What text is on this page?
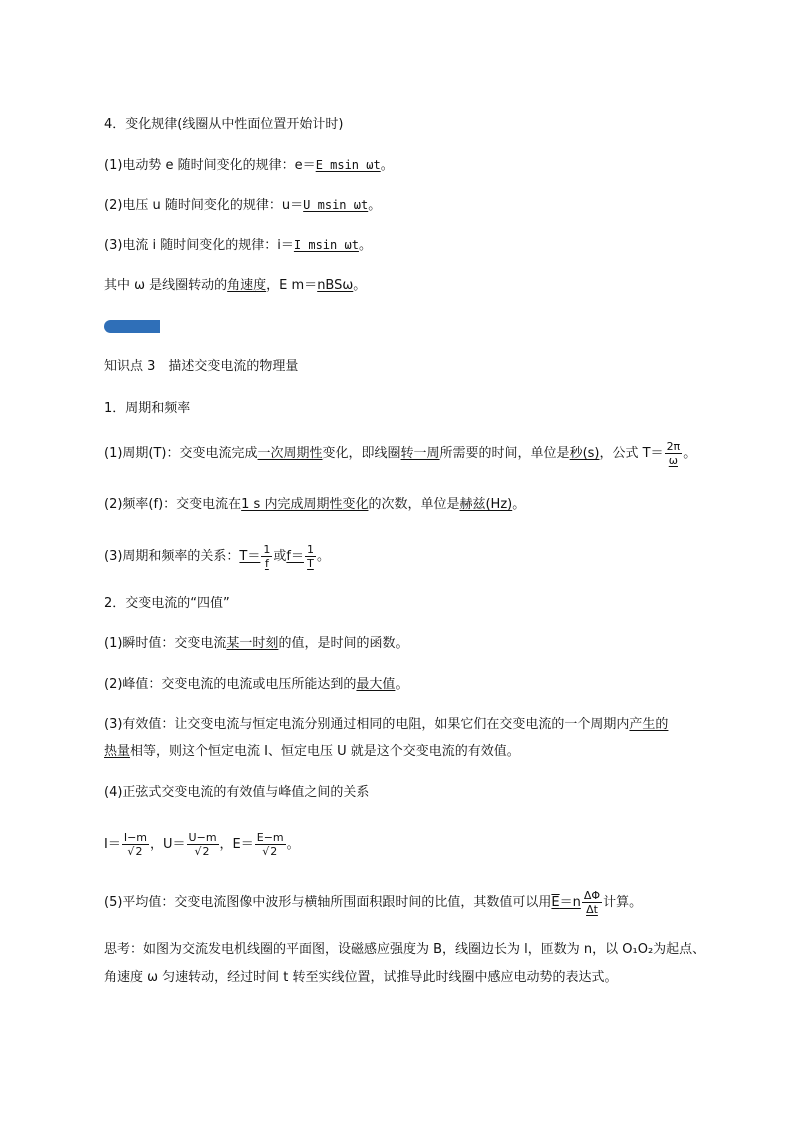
4．变化规律(线圈从中性面位置开始计时)
(1)电动势 e 随时间变化的规律：e＝E msin ωt。
(2)电压 u 随时间变化的规律：u＝U msin ωt。
(3)电流 i 随时间变化的规律：i＝I msin ωt。
其中 ω 是线圈转动的角速度，E m＝nBSω。
知识点 3　描述交变电流的物理量
1．周期和频率
(1)周期(T)：交变电流完成一次周期性变化，即线圈转一周所需要的时间，单位是秒(s)，公式 $T= \frac{2\pi}{\omega}$ 。
(2)频率(f)：交变电流在1 s 内完成周期性变化的次数，单位是赫兹(Hz)。
(3)周期和频率的关系：$T= \frac{1}{f}$ 或$f= \frac{1}{T}$ 。
2．交变电流的“四值”
(1)瞬时值：交变电流某一时刻的值，是时间的函数。
(2)峰值：交变电流的电流或电压所能达到的最大值。
(3)有效值：让交变电流与恒定电流分别通过相同的电阻，如果它们在交变电流的一个周期内产生的
热量相等，则这个恒定电流 I、恒定电压 U 就是这个交变电流的有效值。
(4)正弦式交变电流的有效值与峰值之间的关系
$I= \frac{I-m}{√2}$ ，$U= \frac{U-m}{√2}$ ，$E= \frac{E-m}{√2}$ 。
(5)平均值：交变电流图像中波形与横轴所围面积跟时间的比值，其数值可以用$E=n \frac{\Delta\Phi}{\Delta t}$ 计算。
思考：如图为交流发电机线圈的平面图，设磁感应强度为 B，线圈边长为 l，匝数为 n，以 O₁O₂为起点、
角速度 ω 匀速转动，经过时间 t 转至实线位置，试推导此时线圈中感应电动势的表达式。
